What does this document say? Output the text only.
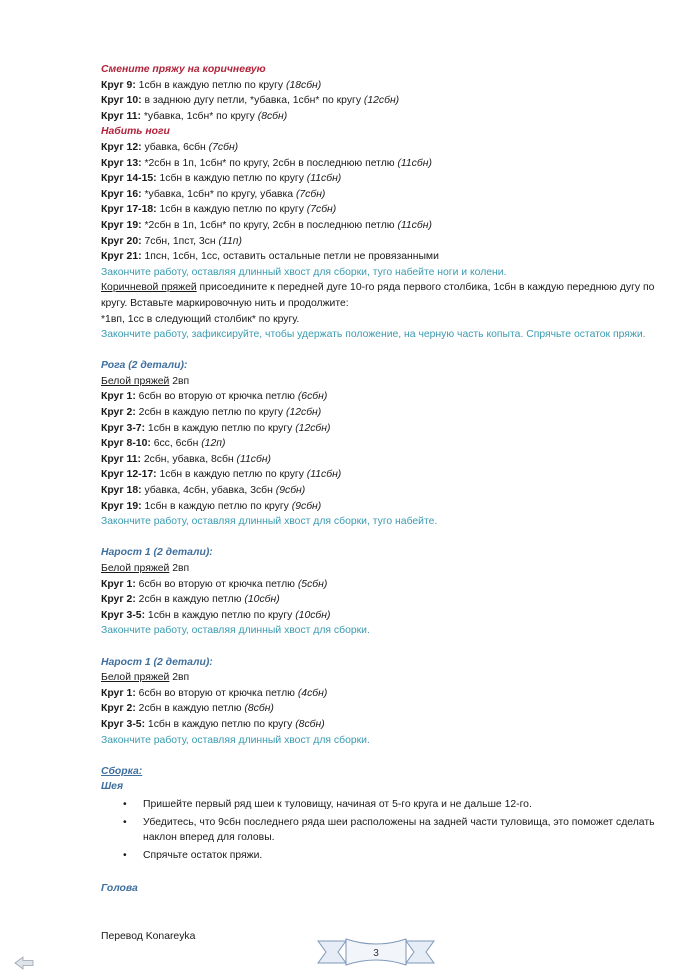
Смените пряжу на коричневую
Круг 9: 1сбн в каждую петлю по кругу (18сбн)
Круг 10: в заднюю дугу петли, *убавка, 1сбн* по кругу (12сбн)
Круг 11: *убавка, 1сбн* по кругу (8сбн)
Набить ноги
Круг 12: убавка, 6сбн (7сбн)
Круг 13: *2сбн в 1п, 1сбн* по кругу, 2сбн в последнюю петлю (11сбн)
Круг 14-15: 1сбн в каждую петлю по кругу (11сбн)
Круг 16: *убавка, 1сбн* по кругу, убавка (7сбн)
Круг 17-18: 1сбн в каждую петлю по кругу (7сбн)
Круг 19: *2сбн в 1п, 1сбн* по кругу, 2сбн в последнюю петлю (11сбн)
Круг 20: 7сбн, 1пст, 3сн (11п)
Круг 21: 1псн, 1сбн, 1сс, оставить остальные петли не провязанными
Закончите работу, оставляя длинный хвост для сборки, туго набейте ноги и колени.
Коричневой пряжей присоедините к передней дуге 10-го ряда первого столбика, 1сбн в каждую переднюю дугу по кругу. Вставьте маркировочную нить и продолжите:
*1вп, 1сс в следующий столбик* по кругу.
Закончите работу, зафиксируйте, чтобы удержать положение, на черную часть копыта. Спрячьте остаток пряжи.
Рога (2 детали):
Белой пряжей 2вп
Круг 1: 6сбн во вторую от крючка петлю (6сбн)
Круг 2: 2сбн в каждую петлю по кругу (12сбн)
Круг 3-7: 1сбн в каждую петлю по кругу (12сбн)
Круг 8-10: 6сс, 6сбн (12п)
Круг 11: 2сбн, убавка, 8сбн (11сбн)
Круг 12-17: 1сбн в каждую петлю по кругу (11сбн)
Круг 18: убавка, 4сбн, убавка, 3сбн (9сбн)
Круг 19: 1сбн в каждую петлю по кругу (9сбн)
Закончите работу, оставляя длинный хвост для сборки, туго набейте.
Нарост 1 (2 детали):
Белой пряжей 2вп
Круг 1: 6сбн во вторую от крючка петлю (5сбн)
Круг 2: 2сбн в каждую петлю (10сбн)
Круг 3-5: 1сбн в каждую петлю по кругу (10сбн)
Закончите работу, оставляя длинный хвост для сборки.
Нарост 1 (2 детали):
Белой пряжей 2вп
Круг 1: 6сбн во вторую от крючка петлю (4сбн)
Круг 2: 2сбн в каждую петлю (8сбн)
Круг 3-5: 1сбн в каждую петлю по кругу (8сбн)
Закончите работу, оставляя длинный хвост для сборки.
Сборка:
Шея
• Пришейте первый ряд шеи к туловищу, начиная от 5-го круга и не дальше 12-го.
• Убедитесь, что 9сбн последнего ряда шеи расположены на задней части туловища, это поможет сделать наклон вперед для головы.
• Спрячьте остаток пряжи.
Голова
Перевод Konareyka
3
